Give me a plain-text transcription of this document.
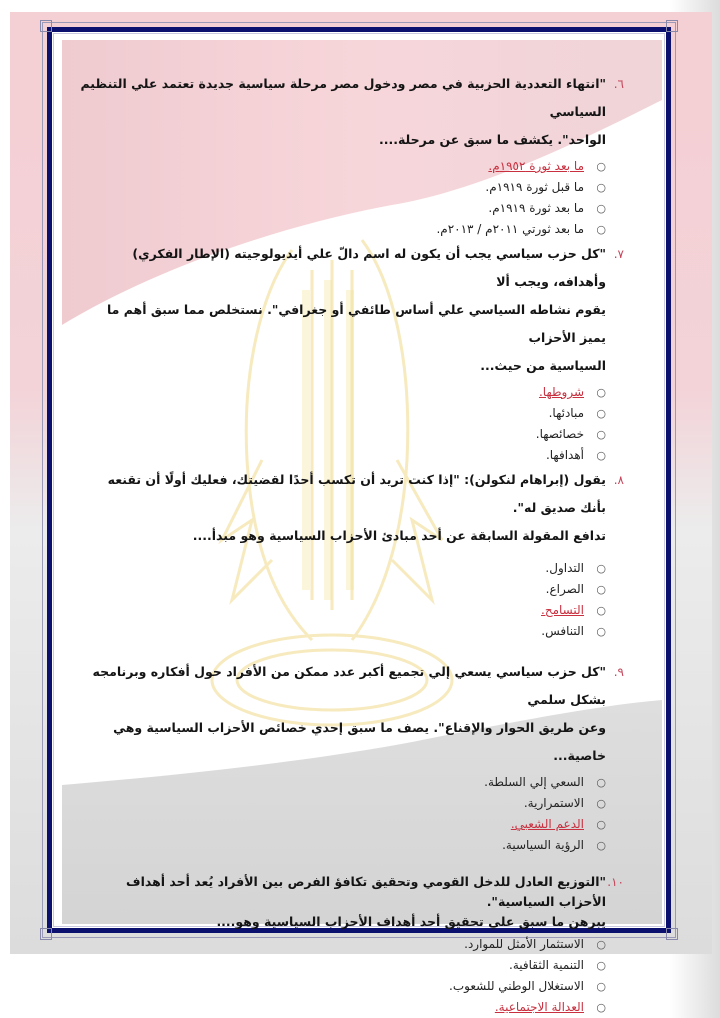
٦.
"انتهاء التعددية الحزبية في مصر ودخول مصر مرحلة سياسية جديدة تعتمد علي التنظيم السياسي
الواحد". يكشف ما سبق عن مرحلة....
○
ما بعد ثورة ١٩٥٢م.
○
ما قبل ثورة ١٩١٩م.
○
ما بعد ثورة ١٩١٩م.
○
ما بعد ثورتي ٢٠١١م / ٢٠١٣م.
٧.
"كل حزب سياسي يجب أن يكون له اسم دالّ علي أيديولوجيته (الإطار الفكري) وأهدافه، ويجب ألا
يقوم نشاطه السياسي علي أساس طائفي أو جغرافي". نستخلص مما سبق أهم ما يميز الأحزاب
السياسية من حيث...
○
شروطها.
○
مبادئها.
○
خصائصها.
○
أهدافها.
٨.
يقول (إبراهام لنكولن): "إذا كنت تريد أن تكسب أحدًا لقضيتك، فعليك أولًا أن تقنعه بأنك صديق له".
تدافع المقولة السابقة عن أحد مبادئ الأحزاب السياسية وهو مبدأ....
○
التداول.
○
الصراع.
○
التسامح.
○
التنافس.
٩.
"كل حزب سياسي يسعي إلي تجميع أكبر عدد ممكن من الأفراد حول أفكاره وبرنامجه بشكل سلمي
وعن طريق الحوار والإقناع". يصف ما سبق إحدي خصائص الأحزاب السياسية وهي خاصية...
○
السعي إلي السلطة.
○
الاستمرارية.
○
الدعم الشعبي.
○
الرؤية السياسية.
١٠.
"التوزيع العادل للدخل القومي وتحقيق تكافؤ الفرص بين الأفراد يُعد أحد أهداف الأحزاب السياسية".
يبرهن ما سبق علي تحقيق أحد أهداف الأحزاب السياسية وهو....
○
الاستثمار الأمثل للموارد.
○
التنمية الثقافية.
○
الاستغلال الوطني للشعوب.
○
العدالة الاجتماعية.
